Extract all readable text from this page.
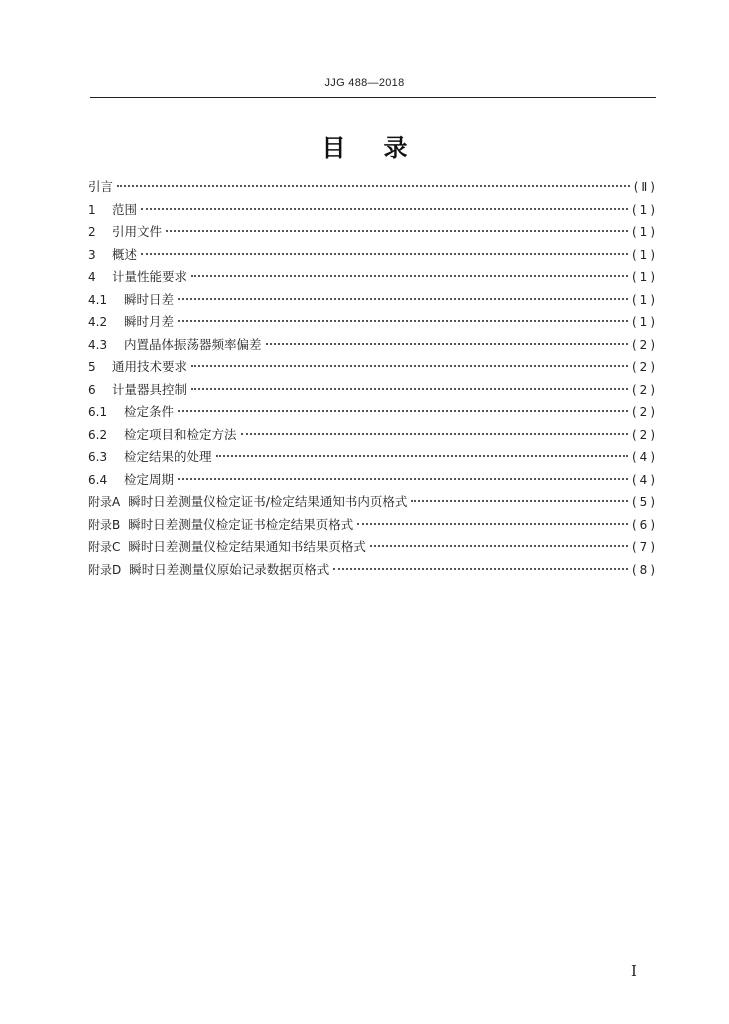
JJG 488—2018
目录
引言	(Ⅱ)
1	范围	(1)
2	引用文件	(1)
3	概述	(1)
4	计量性能要求	(1)
4.1	瞬时日差	(1)
4.2	瞬时月差	(1)
4.3	内置晶体振荡器频率偏差	(2)
5	通用技术要求	(2)
6	计量器具控制	(2)
6.1	检定条件	(2)
6.2	检定项目和检定方法	(2)
6.3	检定结果的处理	(4)
6.4	检定周期	(4)
附录A 瞬时日差测量仪检定证书/检定结果通知书内页格式	(5)
附录B 瞬时日差测量仪检定证书检定结果页格式	(6)
附录C 瞬时日差测量仪检定结果通知书结果页格式	(7)
附录D 瞬时日差测量仪原始记录数据页格式	(8)
I
